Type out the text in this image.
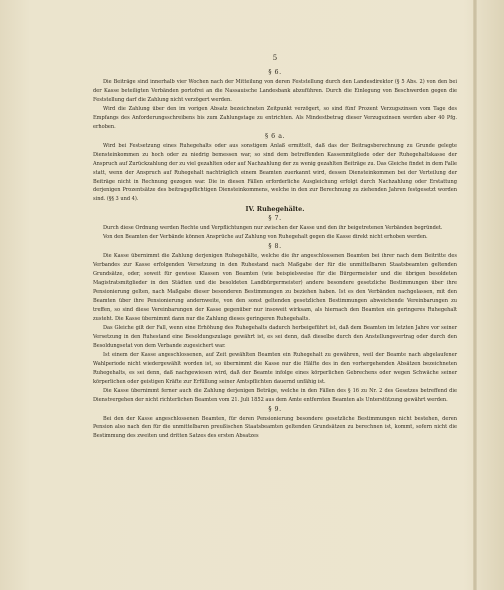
5
§ 6.

Die Beiträge sind innerhalb vier Wochen nach der Mitteilung von deren Feststellung durch den Landesdirektor (§ 5 Abs. 2) von den bei der Kasse beteiligten Verbänden portofrei an die Nassauische Landesbank abzuführen. Durch die Einlegung von Beschwerden gegen die Feststellung darf die Zahlung nicht verzögert werden.

Wird die Zahlung über den im vorigen Absatz bezeichneten Zeitpunkt verzögert, so sind fünf Prozent Verzugszinsen vom Tage des Empfangs des Anforderungsschreibens bis zum Zahlungstage zu entrichten. Als Mindestbetrag dieser Verzugszinsen werden aber 40 Pfg. erhoben.

§ 6 a.

Wird bei Festsetzung eines Ruhegehalts oder aus sonstigem Anlaß ermittelt, daß das der Beitragsberechnung zu Grunde gelegte Diensteinkommen zu hoch oder zu niedrig bemessen war, so sind dem betreffenden Kassenmitgliede oder der Ruhegehaltskasse der Anspruch auf Zurückzahlung der zu viel gezahlten oder auf Nachzahlung der zu wenig gezahlten Beiträge zu. Das Gleiche findet in dem Falle statt, wenn der Anspruch auf Ruhegehalt nachträglich einem Beamten zuerkannt wird, dessen Diensteinkommen bei der Verteilung der Beiträge nicht in Rechnung gezogen war. Die in diesen Fällen erforderliche Ausgleichung erfolgt durch Nachzahlung oder Erstattung derjenigen Prozentsätze des beitragspflichtigen Diensteinkommens, welche in den zur Berechnung zu ziehenden Jahren festgesetzt worden sind. (§§ 3 und 4).

IV. Ruhegehälte.
§ 7.

Durch diese Ordnung werden Rechte und Verpflichtungen nur zwischen der Kasse und den ihr beigetretenen Verbänden begründet.

Von den Beamten der Verbände können Ansprüche auf Zahlung von Ruhegehalt gegen die Kasse direkt nicht erhoben werden.

§ 8.

Die Kasse übernimmt die Zahlung derjenigen Ruhegehälte, welche die ihr angeschlossenen Beamten bei ihrer nach dem Beitritte des Verbandes zur Kasse erfolgenden Versetzung in den Ruhestand nach Maßgabe der für die unmittelbaren Staatsbeamten geltenden Grundsätze, oder, soweit für gewisse Klassen von Beamten (wie beispielsweise für die Bürgermeister und die übrigen besoldeten Magistratsmitglieder in den Städten und die besoldeten Landbürgermeister) andere besondere gesetzliche Bestimmungen über ihre Pensionierung gelten, nach Maßgabe dieser besonderen Bestimmungen zu beziehen haben. Ist es den Verbänden nachgelassen, mit den Beamten über ihre Pensionierung andernweite, von den sonst geltenden gesetzlichen Bestimmungen abweichende Vereinbarungen zu treffen, so sind diese Vereinbarungen der Kasse gegenüber nur insoweit wirksam, als hiernach den Beamten ein geringeres Ruhegehalt zusteht. Die Kasse übernimmt dann nur die Zahlung dieses geringeren Ruhegehalts.

Das Gleiche gilt der Fall, wenn eine Erhöhung des Ruhegehalts dadurch herbeigeführt ist, daß dem Beamten im letzten Jahre vor seiner Versetzung in den Ruhestand eine Besoldungszulage gewährt ist, es sei denn, daß dieselbe durch den Anstellungsvertrag oder durch den Besoldungsetat von dem Verbande zugesichert war.

Ist einem der Kasse angeschlossenen, auf Zeit gewählten Beamten ein Ruhegehalt zu gewähren, weil der Beamte nach abgelaufener Wahlperiode nicht wiedergewählt worden ist, so übernimmt die Kasse nur die Hälfte des in den vorhergehenden Absätzen bezeichneten Ruhegehalts, es sei denn, daß nachgewiesen wird, daß der Beamte infolge eines körperlichen Gebrechens oder wegen Schwäche seiner körperlichen oder geistigen Kräfte zur Erfüllung seiner Amtspflichten dauernd unfähig ist.

Die Kasse übernimmt ferner auch die Zahlung derjenigen Beträge, welche in den Fällen des § 16 zu Nr. 2 des Gesetzes betreffend die Dienstvergehen der nicht richterlichen Beamten vom 21. Juli 1852 aus dem Amte entfernten Beamten als Unterstützung gewährt werden.

§ 9.

Bei den der Kasse angeschlossenen Beamten, für deren Pensionierung besondere gesetzliche Bestimmungen nicht bestehen, deren Pension also nach den für die unmittelbaren preußischen Staatsbeamten geltenden Grundsätzen zu berechnen ist, kommt, sofern nicht die Bestimmung des zweiten und dritten Satzes des ersten Absatzes
